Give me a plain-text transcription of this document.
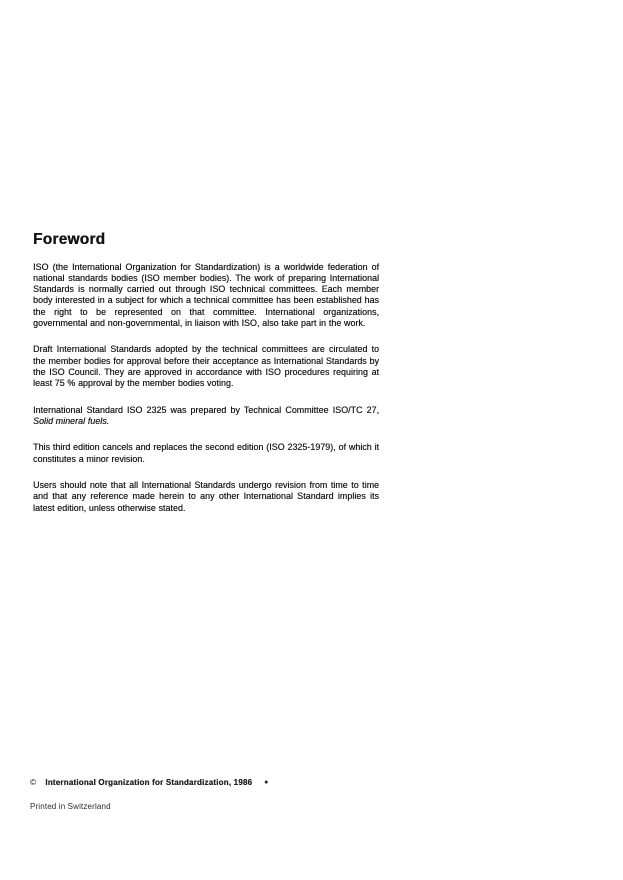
Foreword

ISO (the International Organization for Standardization) is a worldwide federation of national standards bodies (ISO member bodies). The work of preparing International Standards is normally carried out through ISO technical committees. Each member body interested in a subject for which a technical committee has been established has the right to be represented on that committee. International organizations, governmental and non-governmental, in liaison with ISO, also take part in the work.

Draft International Standards adopted by the technical committees are circulated to the member bodies for approval before their acceptance as International Standards by the ISO Council. They are approved in accordance with ISO procedures requiring at least 75 % approval by the member bodies voting.

International Standard ISO 2325 was prepared by Technical Committee ISO/TC 27, Solid mineral fuels.

This third edition cancels and replaces the second edition (ISO 2325-1979), of which it constitutes a minor revision.

Users should note that all International Standards undergo revision from time to time and that any reference made herein to any other International Standard implies its latest edition, unless otherwise stated.

© International Organization for Standardization, 1986 ●
Printed in Switzerland
